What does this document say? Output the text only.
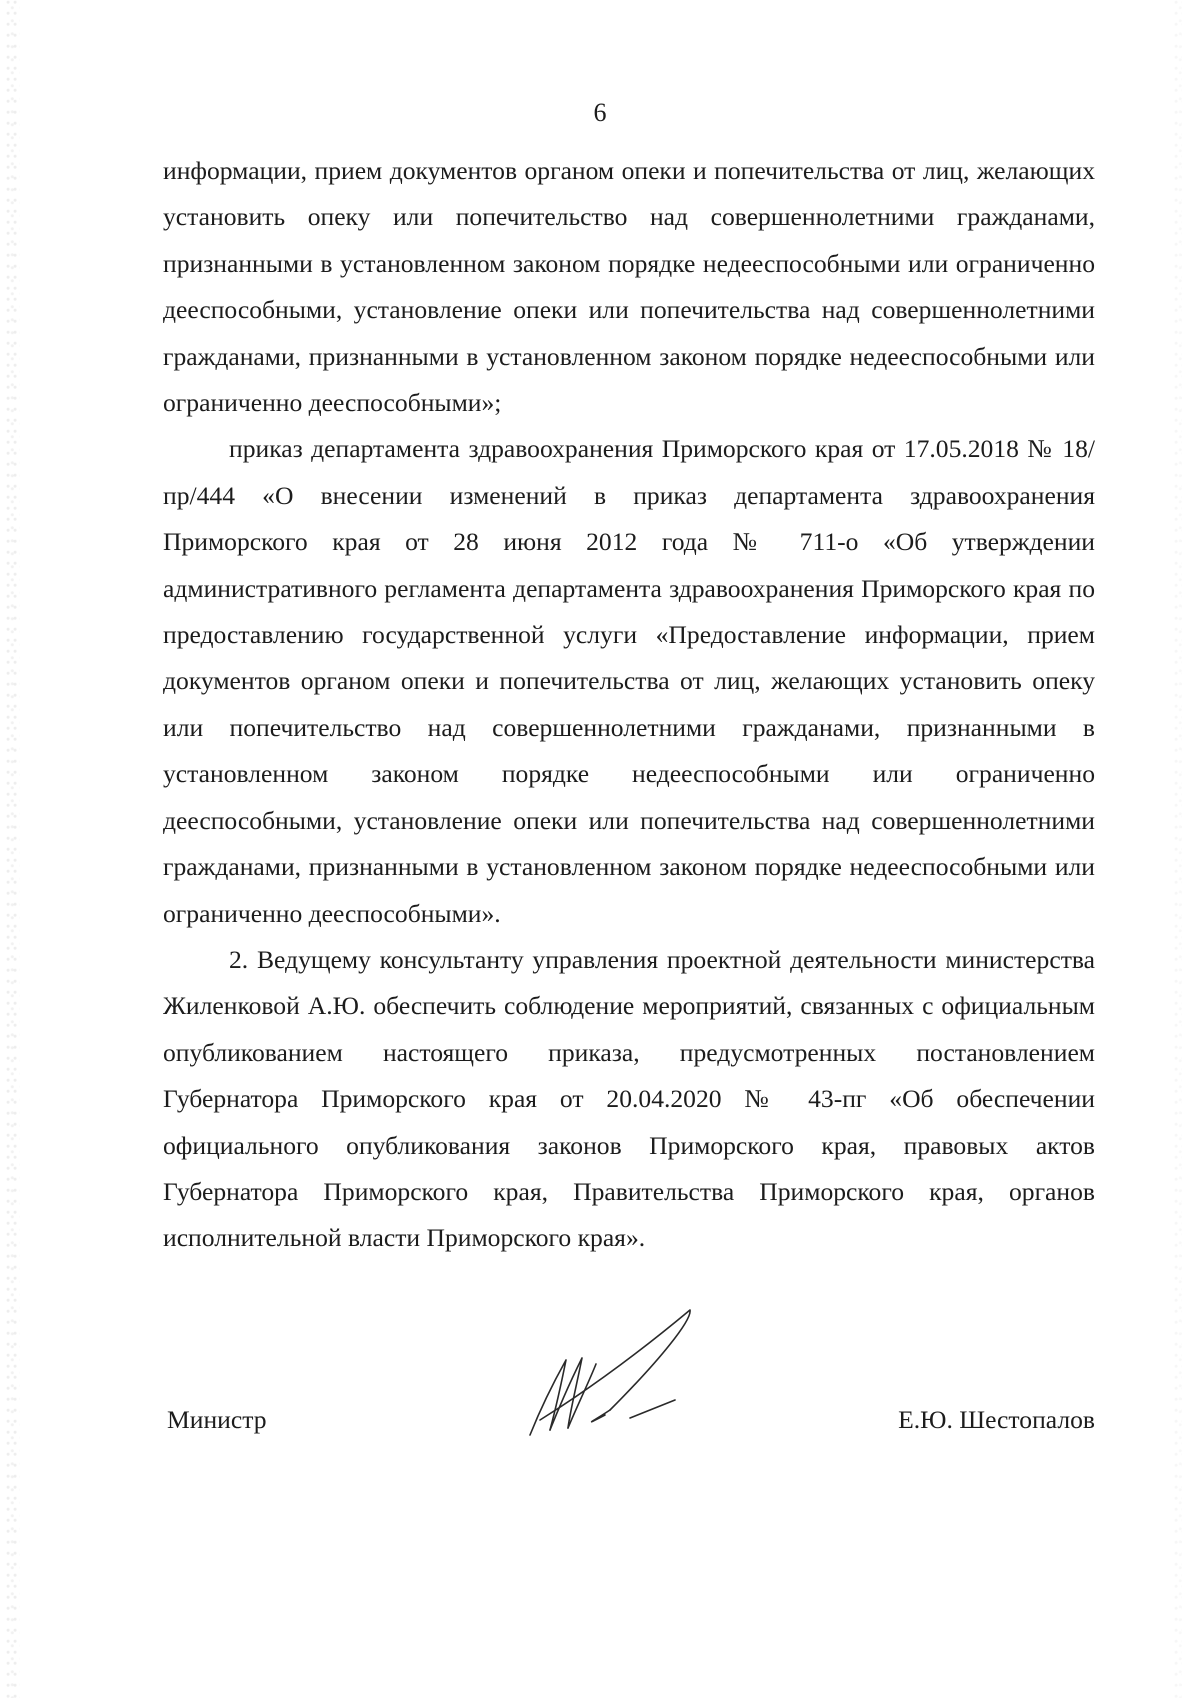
6

информации, прием документов органом опеки и попечительства от лиц, желающих установить опеку или попечительство над совершеннолетними гражданами, признанными в установленном законом порядке недееспособными или ограниченно дееспособными, установление опеки или попечительства над совершеннолетними гражданами, признанными в установленном законом порядке недееспособными или ограниченно дееспособными»;

приказ департамента здравоохранения Приморского края от 17.05.2018 № 18/пр/444 «О внесении изменений в приказ департамента здравоохранения Приморского края от 28 июня 2012 года № 711-о «Об утверждении административного регламента департамента здравоохранения Приморского края по предоставлению государственной услуги «Предоставление информации, прием документов органом опеки и попечительства от лиц, желающих установить опеку или попечительство над совершеннолетними гражданами, признанными в установленном законом порядке недееспособными или ограниченно дееспособными, установление опеки или попечительства над совершеннолетними гражданами, признанными в установленном законом порядке недееспособными или ограниченно дееспособными».

2. Ведущему консультанту управления проектной деятельности министерства Жиленковой А.Ю. обеспечить соблюдение мероприятий, связанных с официальным опубликованием настоящего приказа, предусмотренных постановлением Губернатора Приморского края от 20.04.2020 № 43-пг «Об обеспечении официального опубликования законов Приморского края, правовых актов Губернатора Приморского края, Правительства Приморского края, органов исполнительной власти Приморского края».

Министр	Е.Ю. Шестопалов
